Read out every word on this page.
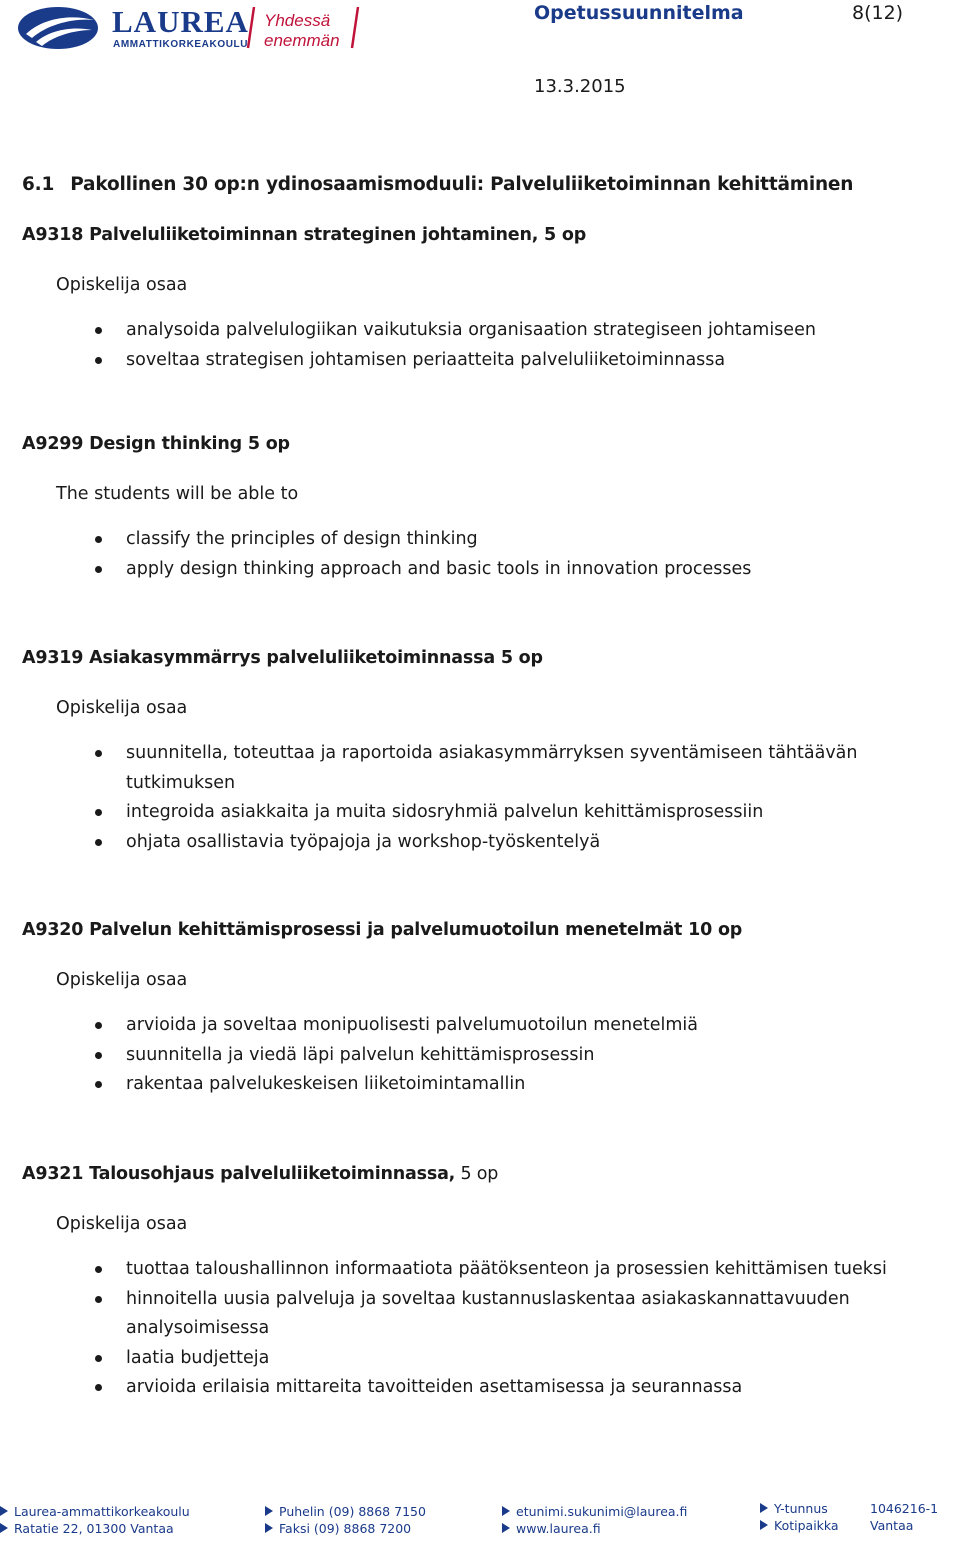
LAUREA
AMMATTIKORKEAKOULU
Yhdessä
enemmän
Opetussuunnitelma	8(12)
13.3.2015
6.1 Pakollinen 30 op:n ydinosaamismoduuli: Palveluliiketoiminnan kehittäminen
A9318 Palveluliiketoiminnan strateginen johtaminen, 5 op
Opiskelija osaa
analysoida palvelulogiikan vaikutuksia organisaation strategiseen johtamiseen
soveltaa strategisen johtamisen periaatteita palveluliiketoiminnassa
A9299 Design thinking 5 op
The students will be able to
classify the principles of design thinking
apply design thinking approach and basic tools in innovation processes
A9319 Asiakasymmärrys palveluliiketoiminnassa 5 op
Opiskelija osaa
suunnitella, toteuttaa ja raportoida asiakasymmärryksen syventämiseen tähtäävän tutkimuksen
integroida asiakkaita ja muita sidosryhmiä palvelun kehittämisprosessiin
ohjata osallistavia työpajoja ja workshop-työskentelyä
A9320 Palvelun kehittämisprosessi ja palvelumuotoilun menetelmät 10 op
Opiskelija osaa
arvioida ja soveltaa monipuolisesti palvelumuotoilun menetelmiä
suunnitella ja viedä läpi palvelun kehittämisprosessin
rakentaa palvelukeskeisen liiketoimintamallin
A9321 Talousohjaus palveluliiketoiminnassa, 5 op
Opiskelija osaa
tuottaa taloushallinnon informaatiota päätöksenteon ja prosessien kehittämisen tueksi
hinnoitella uusia palveluja ja soveltaa kustannuslaskentaa asiakaskannattavuuden analysoimisessa
laatia budjetteja
arvioida erilaisia mittareita tavoitteiden asettamisessa ja seurannassa
Laurea-ammattikorkeakoulu
Ratatie 22, 01300 Vantaa
Puhelin (09) 8868 7150
Faksi (09) 8868 7200
etunimi.sukunimi@laurea.fi
www.laurea.fi
Y-tunnus	1046216-1
Kotipaikka	Vantaa
